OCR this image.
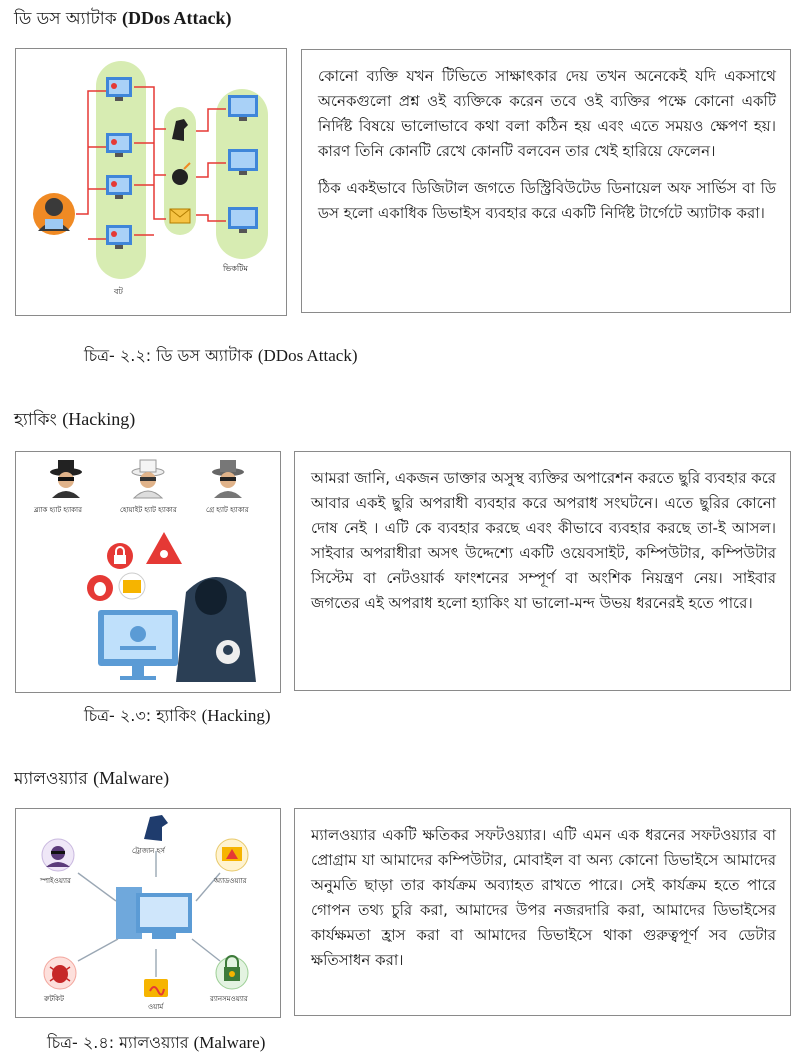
ডি ডস অ্যাটাক (DDos Attack)
বট
ভিকটিম

কোনো ব্যক্তি যখন টিভিতে সাক্ষাৎকার দেয় তখন অনেকেই যদি একসাথে অনেকগুলো প্রশ্ন ওই ব্যক্তিকে করেন তবে ওই ব্যক্তির পক্ষে কোনো একটি নির্দিষ্ট বিষয়ে ভালোভাবে কথা বলা কঠিন হয় এবং এতে সময়ও ক্ষেপণ হয়। কারণ তিনি কোনটি রেখে কোনটি বলবেন তার খেই হারিয়ে ফেলেন।

ঠিক একইভাবে ডিজিটাল জগতে ডিস্ট্রিবিউটেড ডিনায়েল অফ সার্ভিস বা ডি ডস হলো একাধিক ডিভাইস ব্যবহার করে একটি নির্দিষ্ট টার্গেটে অ্যাটাক করা।

চিত্র- ২.২: ডি ডস অ্যাটাক (DDos Attack)
হ্যাকিং (Hacking)
ব্ল্যাক হ্যাট হ্যাকার	হোয়াইট হ্যাট হ্যাকার	গ্রে হ্যাট হ্যাকার

আমরা জানি, একজন ডাক্তার অসুস্থ ব্যক্তির অপারেশন করতে ছুরি ব্যবহার করে আবার একই ছুরি অপরাধী ব্যবহার করে অপরাধ সংঘটনে। এতে ছুরির কোনো দোষ নেই । এটি কে ব্যবহার করছে এবং কীভাবে ব্যবহার করছে তা-ই আসল। সাইবার অপরাধীরা অসৎ উদ্দেশ্যে একটি ওয়েবসাইট, কম্পিউটার, কম্পিউটার সিস্টেম বা নেটওয়ার্ক ফাংশনের সম্পূর্ণ বা অংশিক নিয়ন্ত্রণ নেয়। সাইবার জগতের এই অপরাধ হলো হ্যাকিং যা ভালো-মন্দ উভয় ধরনেরই হতে পারে।

চিত্র- ২.৩: হ্যাকিং (Hacking)
ম্যালওয়্যার (Malware)
ট্রোজান হর্স
স্পাইওয়্যার	অ্যাডওয়্যার
রুটকিট	র‍্যানসমওয়্যার
ওয়ার্ম

ম্যালওয়্যার একটি ক্ষতিকর সফটওয়্যার। এটি এমন এক ধরনের সফটওয়্যার বা প্রোগ্রাম যা আমাদের কম্পিউটার, মোবাইল বা অন্য কোনো ডিভাইসে আমাদের অনুমতি ছাড়া তার কার্যক্রম অব্যাহত রাখতে পারে। সেই কার্যক্রম হতে পারে গোপন তথ্য চুরি করা, আমাদের উপর নজরদারি করা, আমাদের ডিভাইসের কার্যক্ষমতা হ্রাস করা বা আমাদের ডিভাইসে থাকা গুরুত্বপূর্ণ সব ডেটার ক্ষতিসাধন করা।

চিত্র- ২.৪: ম্যালওয়্যার (Malware)
